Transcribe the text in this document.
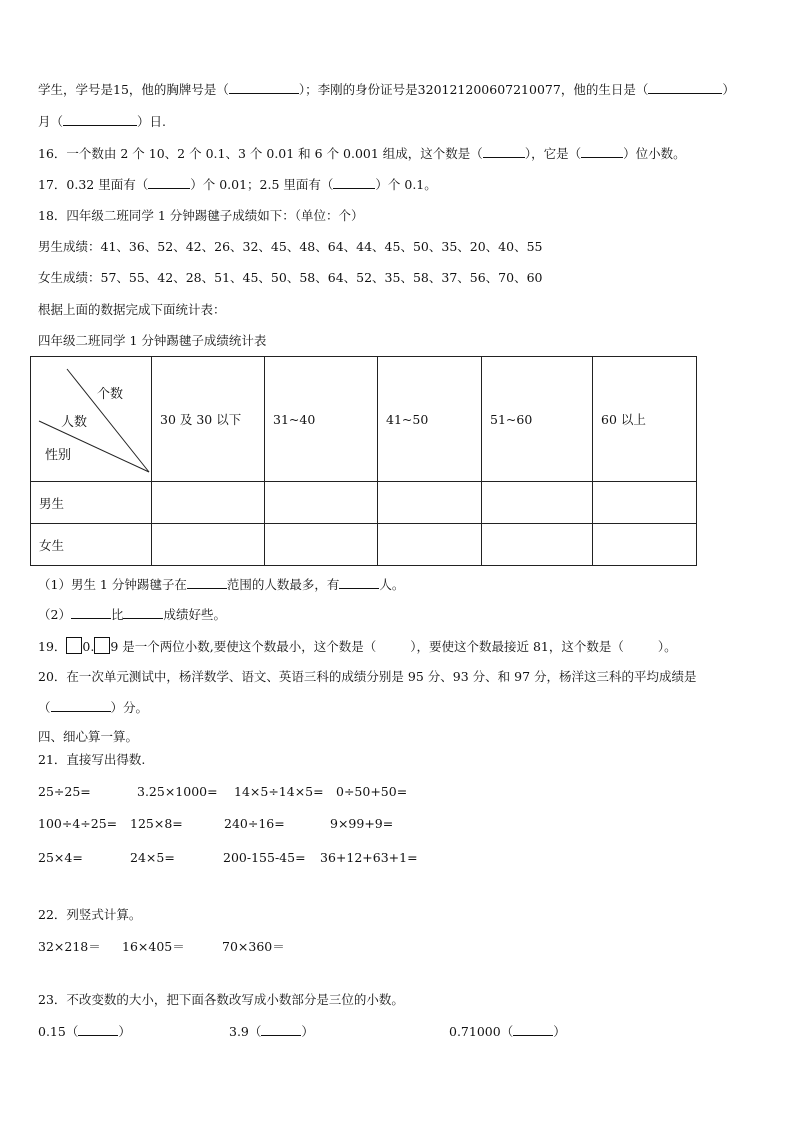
学生，学号是15，他的胸牌号是（	）；李刚的身份证号是320121200607210077，他的生日是（	）
月（	）日.
16．一个数由 2 个 10、2 个 0.1、3 个 0.01 和 6 个 0.001 组成，这个数是（	），它是（	）位小数。
17．0.32 里面有（	）个 0.01；2.5 里面有（	）个 0.1。
18．四年级二班同学 1 分钟踢毽子成绩如下：（单位：个）
男生成绩：41、36、52、42、26、32、45、48、64、44、45、50、35、20、40、55
女生成绩：57、55、42、28、51、45、50、58、64、52、35、58、37、56、70、60
根据上面的数据完成下面统计表：
四年级二班同学 1 分钟踢毽子成绩统计表
个数
人数
性别	30 及 30 以下	31~40	41~50	51~60	60 以上
男生					
女生					
（1）男生 1 分钟踢毽子在	范围的人数最多，有	人。
（2）	比	成绩好些。
19． 0. 9 是一个两位小数,要使这个数最小，这个数是（	），要使这个数最接近 81，这个数是（	）。
20．在一次单元测试中，杨洋数学、语文、英语三科的成绩分别是 95 分、93 分、和 97 分，杨洋这三科的平均成绩是
（	）分。
四、细心算一算。
21．直接写出得数.
25÷25=	3.25×1000= 14×5÷14×5= 0÷50+50=
100÷4÷25= 125×8=	240÷16=	9×99+9=
25×4=	24×5=	200-155-45= 36+12+63+1=
22．列竖式计算。
32×218＝ 16×405＝	70×360＝
23．不改变数的大小，把下面各数改写成小数部分是三位的小数。
0.15（	）	3.9（	）	0.71000（	）
